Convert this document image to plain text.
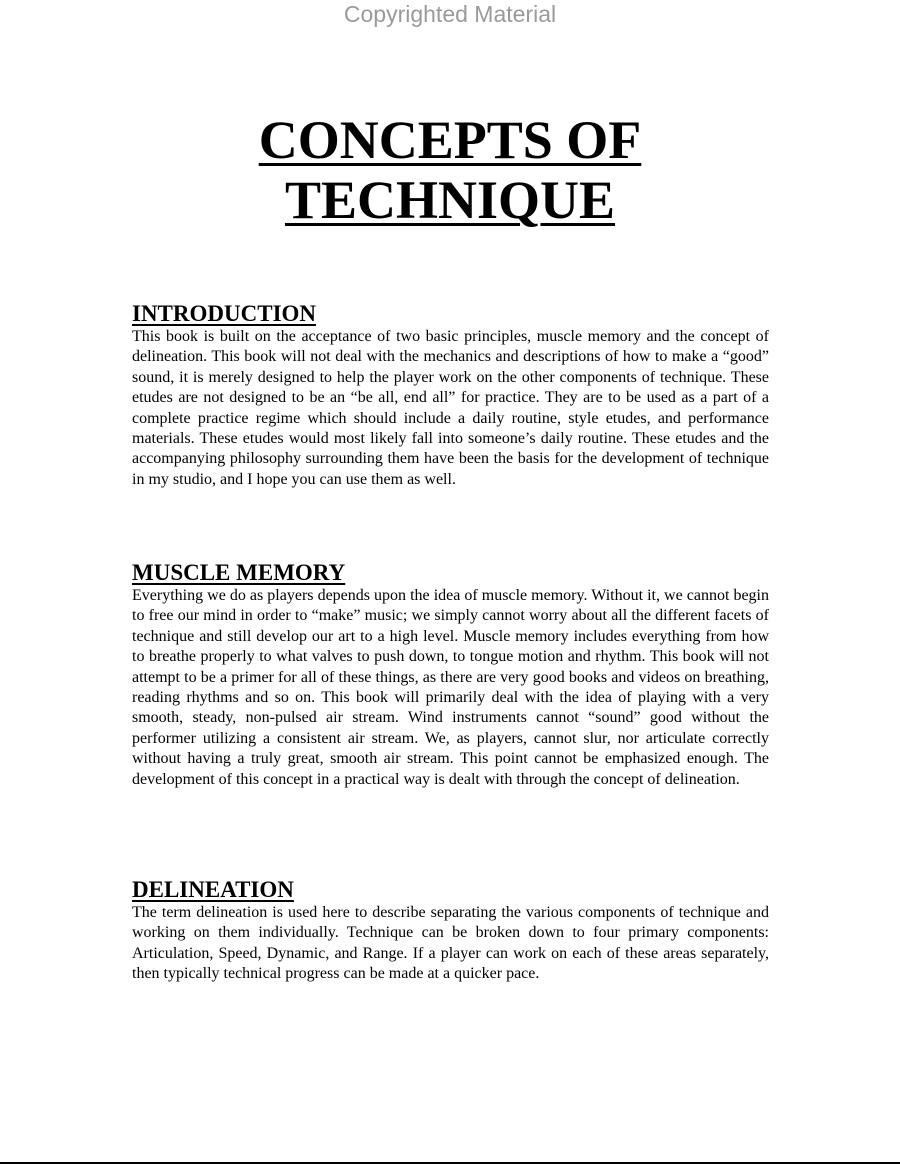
Copyrighted Material
CONCEPTS OF
TECHNIQUE
INTRODUCTION

This book is built on the acceptance of two basic principles, muscle memory and the concept of delineation. This book will not deal with the mechanics and descriptions of how to make a “good” sound, it is merely designed to help the player work on the other components of technique. These etudes are not designed to be an “be all, end all” for practice. They are to be used as a part of a complete practice regime which should include a daily routine, style etudes, and performance materials. These etudes would most likely fall into someone’s daily routine. These etudes and the accompanying philosophy surrounding them have been the basis for the development of technique in my studio, and I hope you can use them as well.

MUSCLE MEMORY

Everything we do as players depends upon the idea of muscle memory. Without it, we cannot begin to free our mind in order to “make” music; we simply cannot worry about all the different facets of technique and still develop our art to a high level. Muscle memory includes everything from how to breathe properly to what valves to push down, to tongue motion and rhythm. This book will not attempt to be a primer for all of these things, as there are very good books and videos on breathing, reading rhythms and so on. This book will primarily deal with the idea of playing with a very smooth, steady, non-pulsed air stream. Wind instruments cannot “sound” good without the performer utilizing a consistent air stream. We, as players, cannot slur, nor articulate correctly without having a truly great, smooth air stream. This point cannot be emphasized enough. The development of this concept in a practical way is dealt with through the concept of delineation.

DELINEATION

The term delineation is used here to describe separating the various components of technique and working on them individually. Technique can be broken down to four primary components: Articulation, Speed, Dynamic, and Range. If a player can work on each of these areas separately, then typically technical progress can be made at a quicker pace.
